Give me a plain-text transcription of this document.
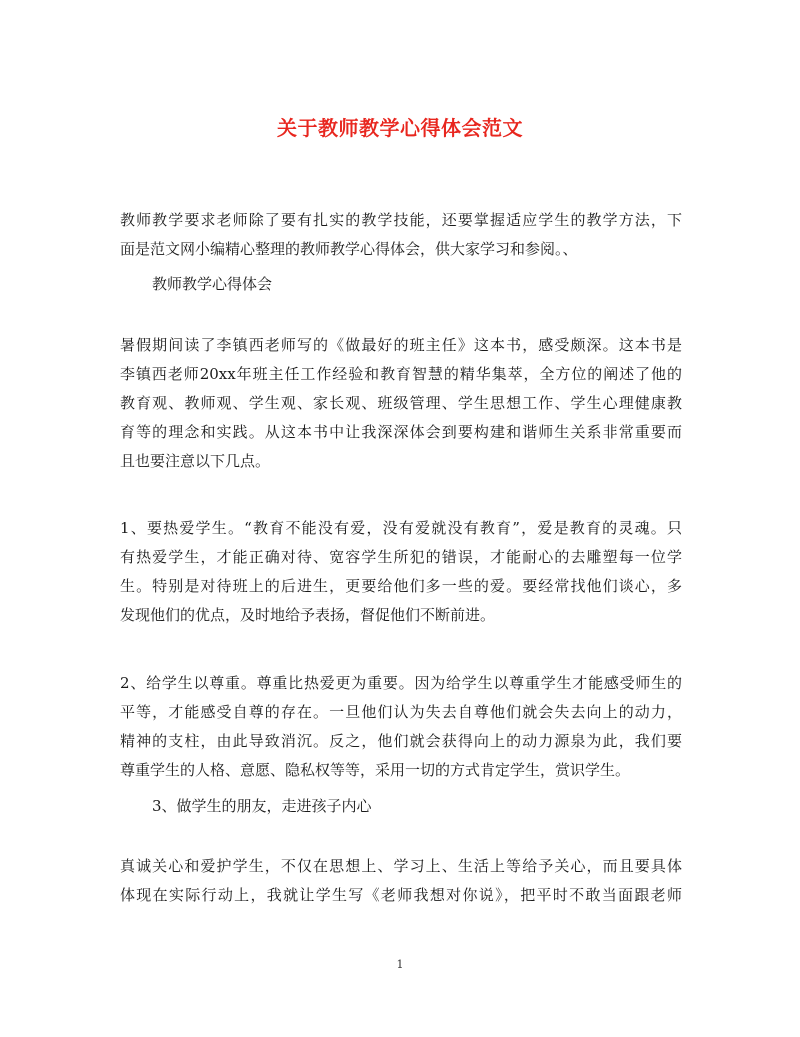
关于教师教学心得体会范文
教师教学要求老师除了要有扎实的教学技能，还要掌握适应学生的教学方法，下
面是范文网小编精心整理的教师教学心得体会，供大家学习和参阅。、
教师教学心得体会
暑假期间读了李镇西老师写的《做最好的班主任》这本书，感受颇深。这本书是
李镇西老师20xx年班主任工作经验和教育智慧的精华集萃，全方位的阐述了他的
教育观、教师观、学生观、家长观、班级管理、学生思想工作、学生心理健康教
育等的理念和实践。从这本书中让我深深体会到要构建和谐师生关系非常重要而
且也要注意以下几点。
1、要热爱学生。“教育不能没有爱，没有爱就没有教育”，爱是教育的灵魂。只
有热爱学生，才能正确对待、宽容学生所犯的错误，才能耐心的去雕塑每一位学
生。特别是对待班上的后进生，更要给他们多一些的爱。要经常找他们谈心，多
发现他们的优点，及时地给予表扬，督促他们不断前进。
2、给学生以尊重。尊重比热爱更为重要。因为给学生以尊重学生才能感受师生的
平等，才能感受自尊的存在。一旦他们认为失去自尊他们就会失去向上的动力，
精神的支柱，由此导致消沉。反之，他们就会获得向上的动力源泉为此，我们要
尊重学生的人格、意愿、隐私权等等，采用一切的方式肯定学生，赏识学生。
3、做学生的朋友，走进孩子内心
真诚关心和爱护学生，不仅在思想上、学习上、生活上等给予关心，而且要具体
体现在实际行动上，我就让学生写《老师我想对你说》，把平时不敢当面跟老师
1
